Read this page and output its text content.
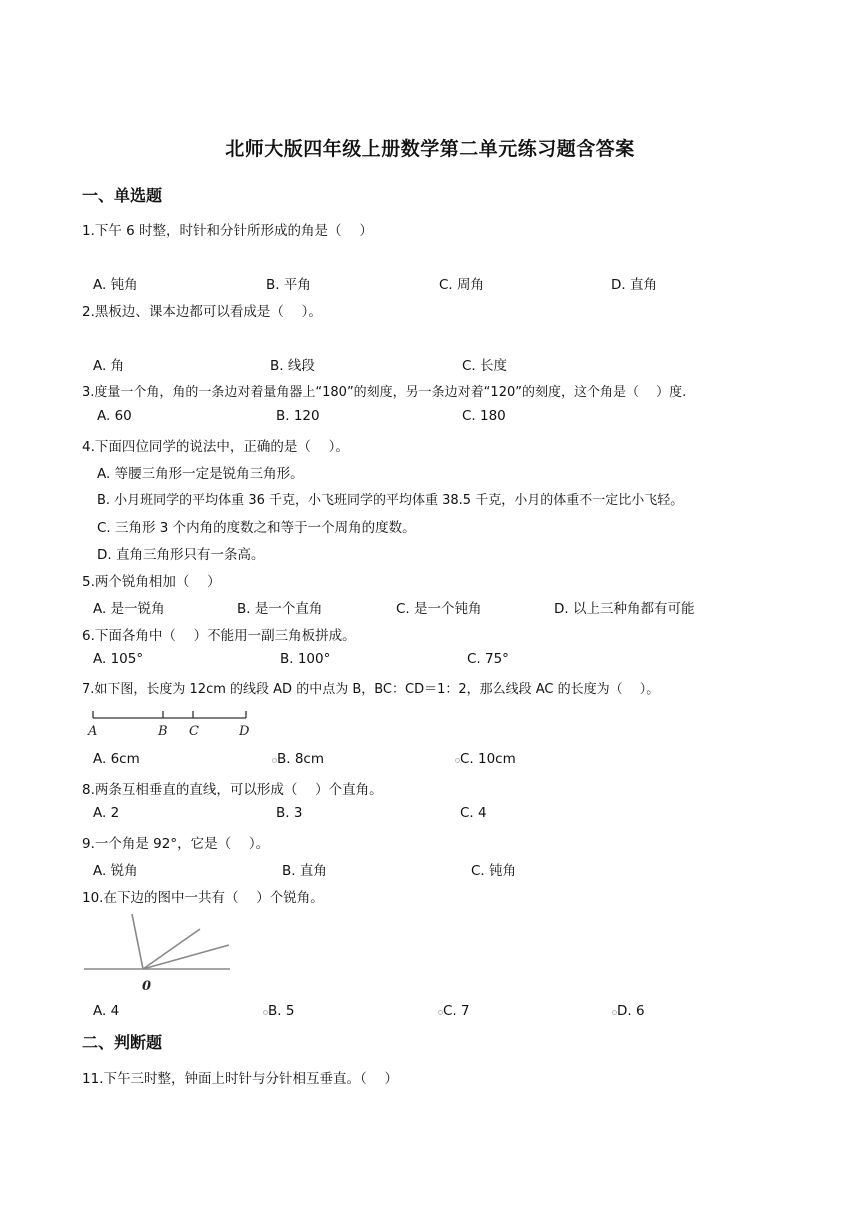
北师大版四年级上册数学第二单元练习题含答案
一、单选题
1.下午 6 时整，时针和分针所形成的角是（　 ）
A. 钝角	B. 平角	C. 周角	D. 直角
2.黑板边、课本边都可以看成是（　 ）。
A. 角	B. 线段	C. 长度
3.度量一个角，角的一条边对着量角器上“180”的刻度，另一条边对着“120”的刻度，这个角是（　 ）度.
A. 60	B. 120	C. 180
4.下面四位同学的说法中，正确的是（　 ）。
A. 等腰三角形一定是锐角三角形。
B. 小月班同学的平均体重 36 千克，小飞班同学的平均体重 38.5 千克，小月的体重不一定比小飞轻。
C. 三角形 3 个内角的度数之和等于一个周角的度数。
D. 直角三角形只有一条高。
5.两个锐角相加（　 ）
A. 是一锐角	B. 是一个直角	C. 是一个钝角	D. 以上三种角都有可能
6.下面各角中（　 ）不能用一副三角板拼成。
A. 105°	B. 100°	C. 75°
7.如下图，长度为 12cm 的线段 AD 的中点为 B，BC：CD＝1：2，那么线段 AC 的长度为（　 ）。
A	B C	D
A. 6cm	B. 8cm	C. 10cm
8.两条互相垂直的直线，可以形成（　 ）个直角。
A. 2	B. 3	C. 4
9.一个角是 92°，它是（　 ）。
A. 锐角	B. 直角	C. 钝角
10.在下边的图中一共有（　 ）个锐角。
0
A. 4	B. 5	C. 7	D. 6
二、判断题
11.下午三时整，钟面上时针与分针相互垂直。（　 ）
